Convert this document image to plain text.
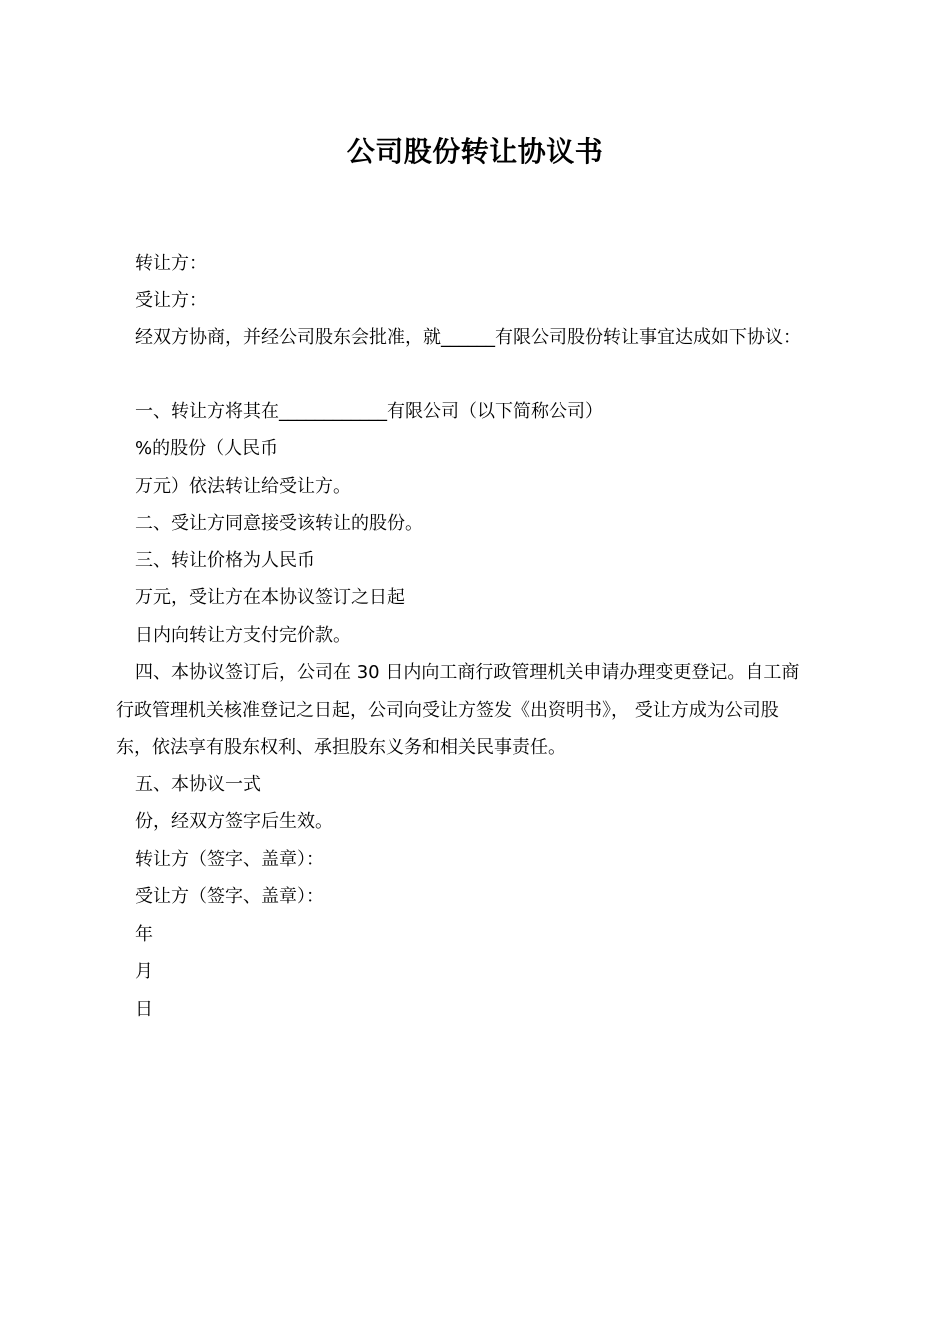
公司股份转让协议书
转让方：
受让方：
经双方协商，并经公司股东会批准，就______有限公司股份转让事宜达成如下协议：
一、转让方将其在____________有限公司（以下简称公司）
%的股份（人民币
万元）依法转让给受让方。
二、受让方同意接受该转让的股份。
三、转让价格为人民币
万元，受让方在本协议签订之日起
日内向转让方支付完价款。
四、本协议签订后，公司在 30 日内向工商行政管理机关申请办理变更登记。自工商
行政管理机关核准登记之日起，公司向受让方签发《出资明书》， 受让方成为公司股
东，依法享有股东权利、承担股东义务和相关民事责任。
五、本协议一式
份，经双方签字后生效。
转让方（签字、盖章）：
受让方（签字、盖章）：
年
月
日
